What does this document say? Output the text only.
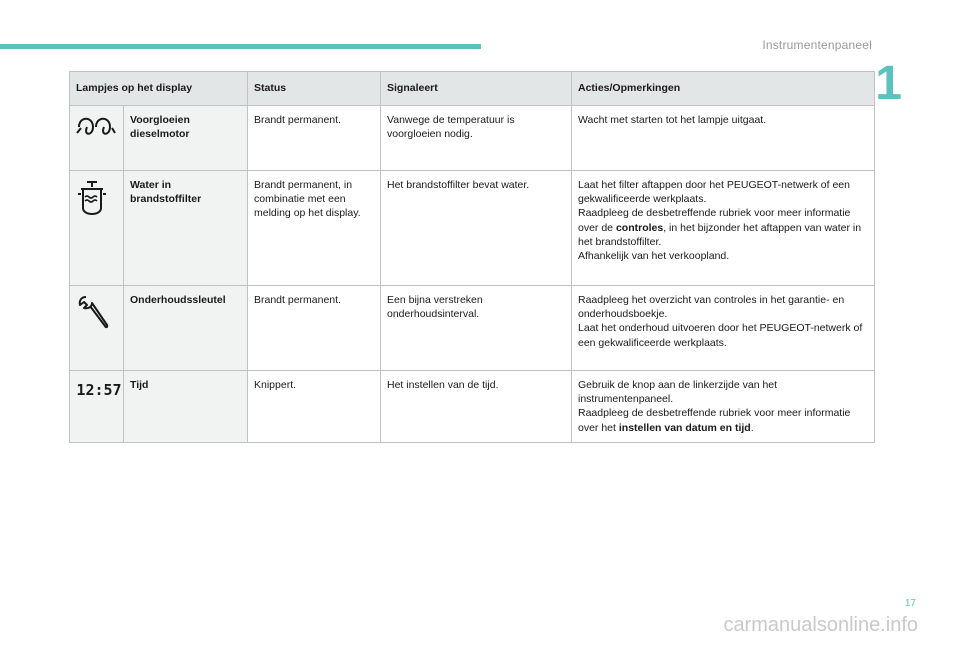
Instrumentenpaneel
1
Lampjes op het display		Status	Signaleert	Acties/Opmerkingen
	Voorgloeien dieselmotor	Brandt permanent.	Vanwege de temperatuur is voorgloeien nodig.	Wacht met starten tot het lampje uitgaat.
	Water in brandstoffilter	Brandt permanent, in combinatie met een melding op het display.	Het brandstoffilter bevat water.	Laat het filter aftappen door het PEUGEOT-netwerk of een gekwalificeerde werkplaats.
Raadpleeg de desbetreffende rubriek voor meer informatie over de controles, in het bijzonder het aftappen van water in het brandstoffilter.
Afhankelijk van het verkoopland.
	Onderhoudssleutel	Brandt permanent.	Een bijna verstreken onderhoudsinterval.	Raadpleeg het overzicht van controles in het garantie- en onderhoudsboekje.
Laat het onderhoud uitvoeren door het PEUGEOT-netwerk of een gekwalificeerde werkplaats.

12:57	Tijd	Knippert.	Het instellen van de tijd.	Gebruik de knop aan de linkerzijde van het instrumentenpaneel.
Raadpleeg de desbetreffende rubriek voor meer informatie over het instellen van datum en tijd.
17
carmanualsonline.info
